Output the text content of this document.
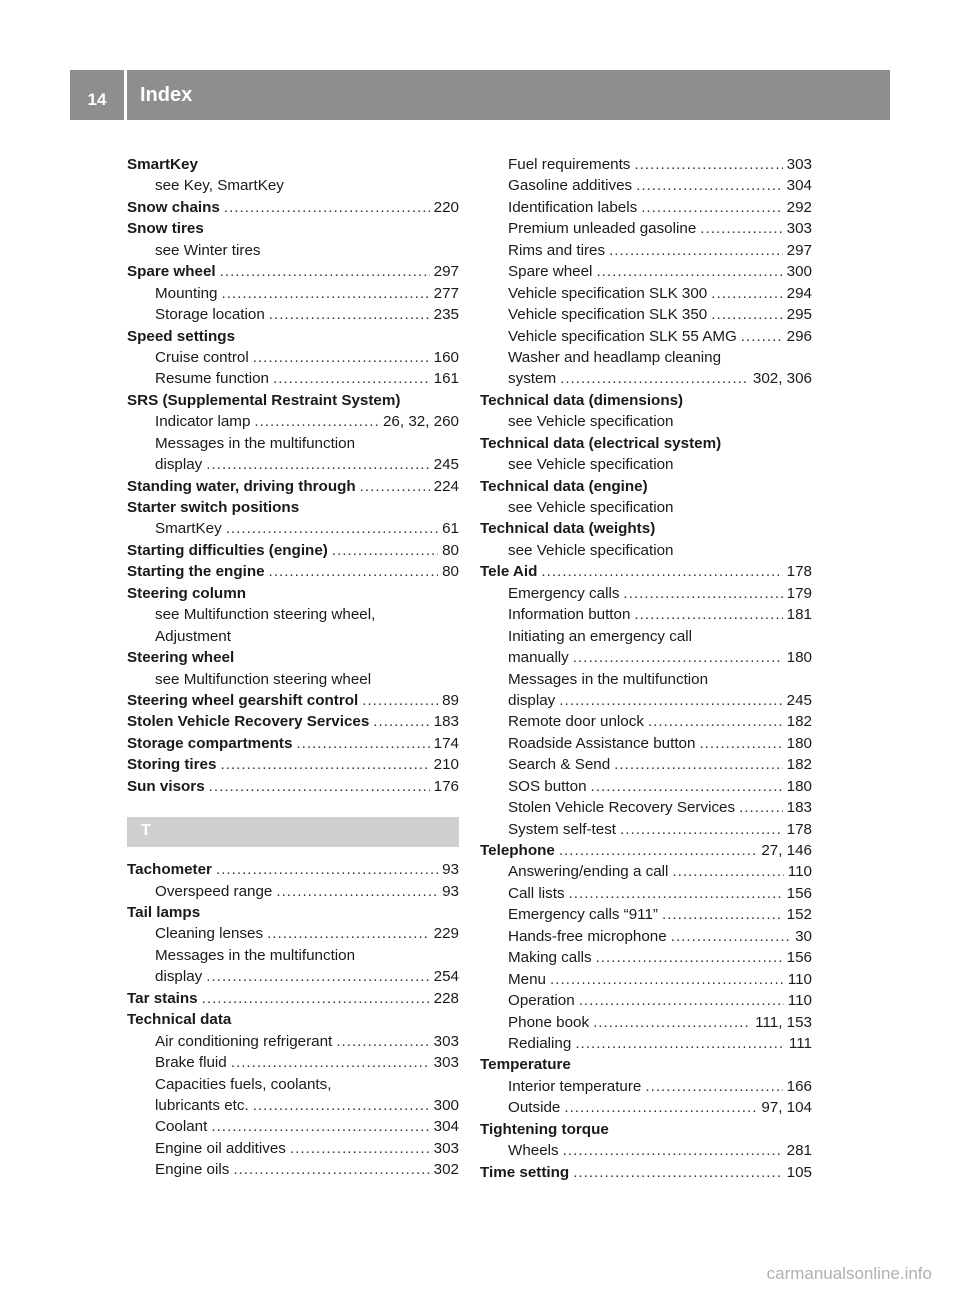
14	Index
SmartKey
see Key, SmartKey
Snow chains .....	220
Snow tires
see Winter tires
Spare wheel .....	297
Mounting .....	277
Storage location .....	235
Speed settings
Cruise control .....	160
Resume function .....	161
SRS (Supplemental Restraint System)
Indicator lamp .....	26, 32, 260
Messages in the multifunction
display .....	245
Standing water, driving through .....	224
Starter switch positions
SmartKey .....	61
Starting difficulties (engine) .....	80
Starting the engine .....	80
Steering column
see Multifunction steering wheel,
Adjustment
Steering wheel
see Multifunction steering wheel
Steering wheel gearshift control .....	89
Stolen Vehicle Recovery Services .....	183
Storage compartments .....	174
Storing tires .....	210
Sun visors .....	176
T
Tachometer .....	93
Overspeed range .....	93
Tail lamps
Cleaning lenses .....	229
Messages in the multifunction
display .....	254
Tar stains .....	228
Technical data
Air conditioning refrigerant .....	303
Brake fluid .....	303
Capacities fuels, coolants,
lubricants etc. .....	300
Coolant .....	304
Engine oil additives .....	303
Engine oils .....	302
Fuel requirements .....	303
Gasoline additives .....	304
Identification labels .....	292
Premium unleaded gasoline .....	303
Rims and tires .....	297
Spare wheel .....	300
Vehicle specification SLK 300 .....	294
Vehicle specification SLK 350 .....	295
Vehicle specification SLK 55 AMG .....	296
Washer and headlamp cleaning
system .....	302, 306
Technical data (dimensions)
see Vehicle specification
Technical data (electrical system)
see Vehicle specification
Technical data (engine)
see Vehicle specification
Technical data (weights)
see Vehicle specification
Tele Aid .....	178
Emergency calls .....	179
Information button .....	181
Initiating an emergency call
manually .....	180
Messages in the multifunction
display .....	245
Remote door unlock .....	182
Roadside Assistance button .....	180
Search & Send .....	182
SOS button .....	180
Stolen Vehicle Recovery Services .....	183
System self-test .....	178
Telephone .....	27, 146
Answering/ending a call .....	110
Call lists .....	156
Emergency calls “911” .....	152
Hands-free microphone .....	30
Making calls .....	156
Menu .....	110
Operation .....	110
Phone book .....	111, 153
Redialing .....	111
Temperature
Interior temperature .....	166
Outside .....	97, 104
Tightening torque
Wheels .....	281
Time setting .....	105
carmanualsonline.info
